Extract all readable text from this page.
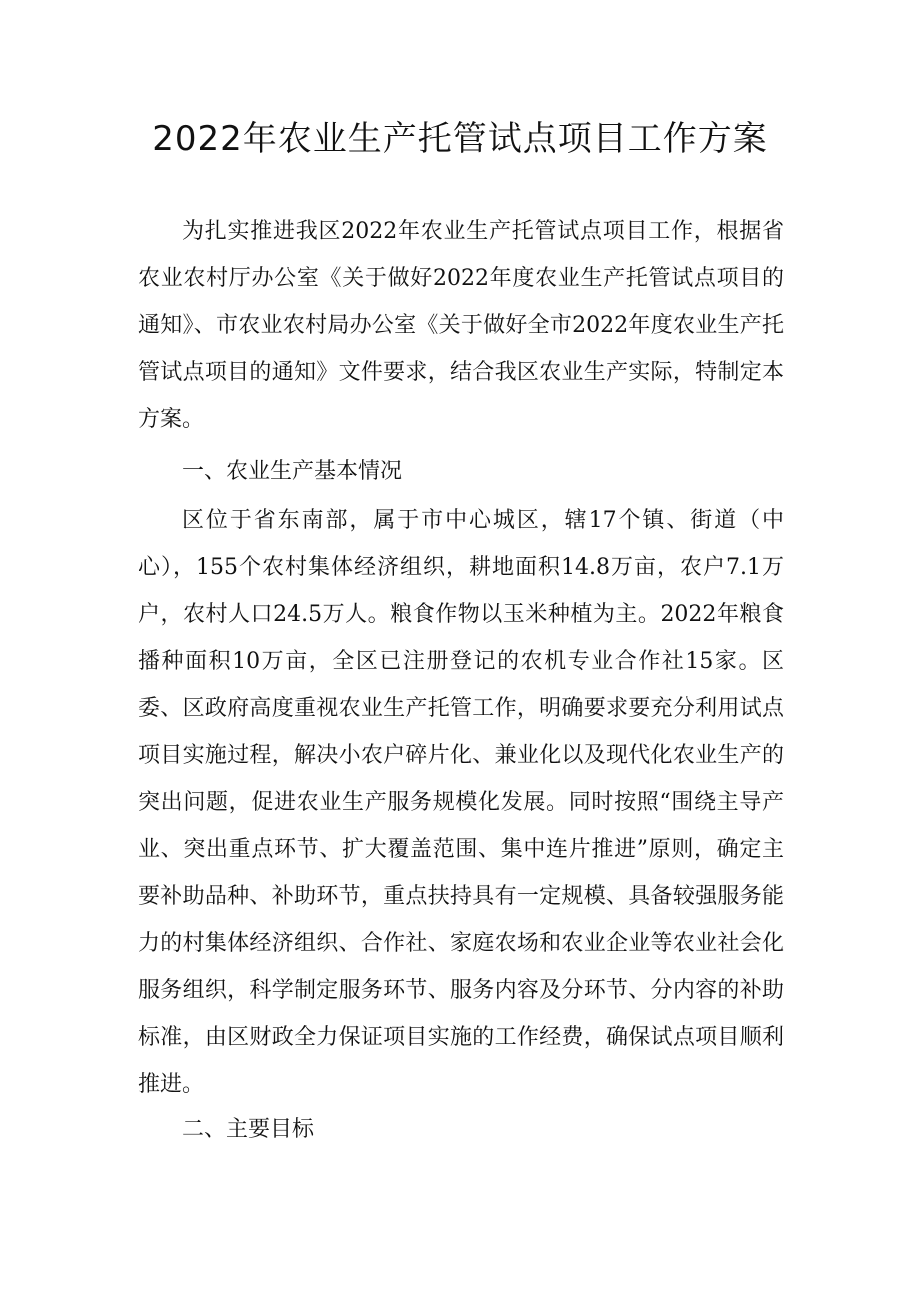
2022年农业生产托管试点项目工作方案

为扎实推进我区2022年农业生产托管试点项目工作，根据省农业农村厅办公室《关于做好2022年度农业生产托管试点项目的通知》、市农业农村局办公室《关于做好全市2022年度农业生产托管试点项目的通知》文件要求，结合我区农业生产实际，特制定本方案。

一、农业生产基本情况

区位于省东南部，属于市中心城区，辖17个镇、街道（中心），155个农村集体经济组织，耕地面积14.8万亩，农户7.1万户，农村人口24.5万人。粮食作物以玉米种植为主。2022年粮食播种面积10万亩，全区已注册登记的农机专业合作社15家。区委、区政府高度重视农业生产托管工作，明确要求要充分利用试点项目实施过程，解决小农户碎片化、兼业化以及现代化农业生产的突出问题，促进农业生产服务规模化发展。同时按照“围绕主导产业、突出重点环节、扩大覆盖范围、集中连片推进”原则，确定主要补助品种、补助环节，重点扶持具有一定规模、具备较强服务能力的村集体经济组织、合作社、家庭农场和农业企业等农业社会化服务组织，科学制定服务环节、服务内容及分环节、分内容的补助标准，由区财政全力保证项目实施的工作经费，确保试点项目顺利推进。

二、主要目标
